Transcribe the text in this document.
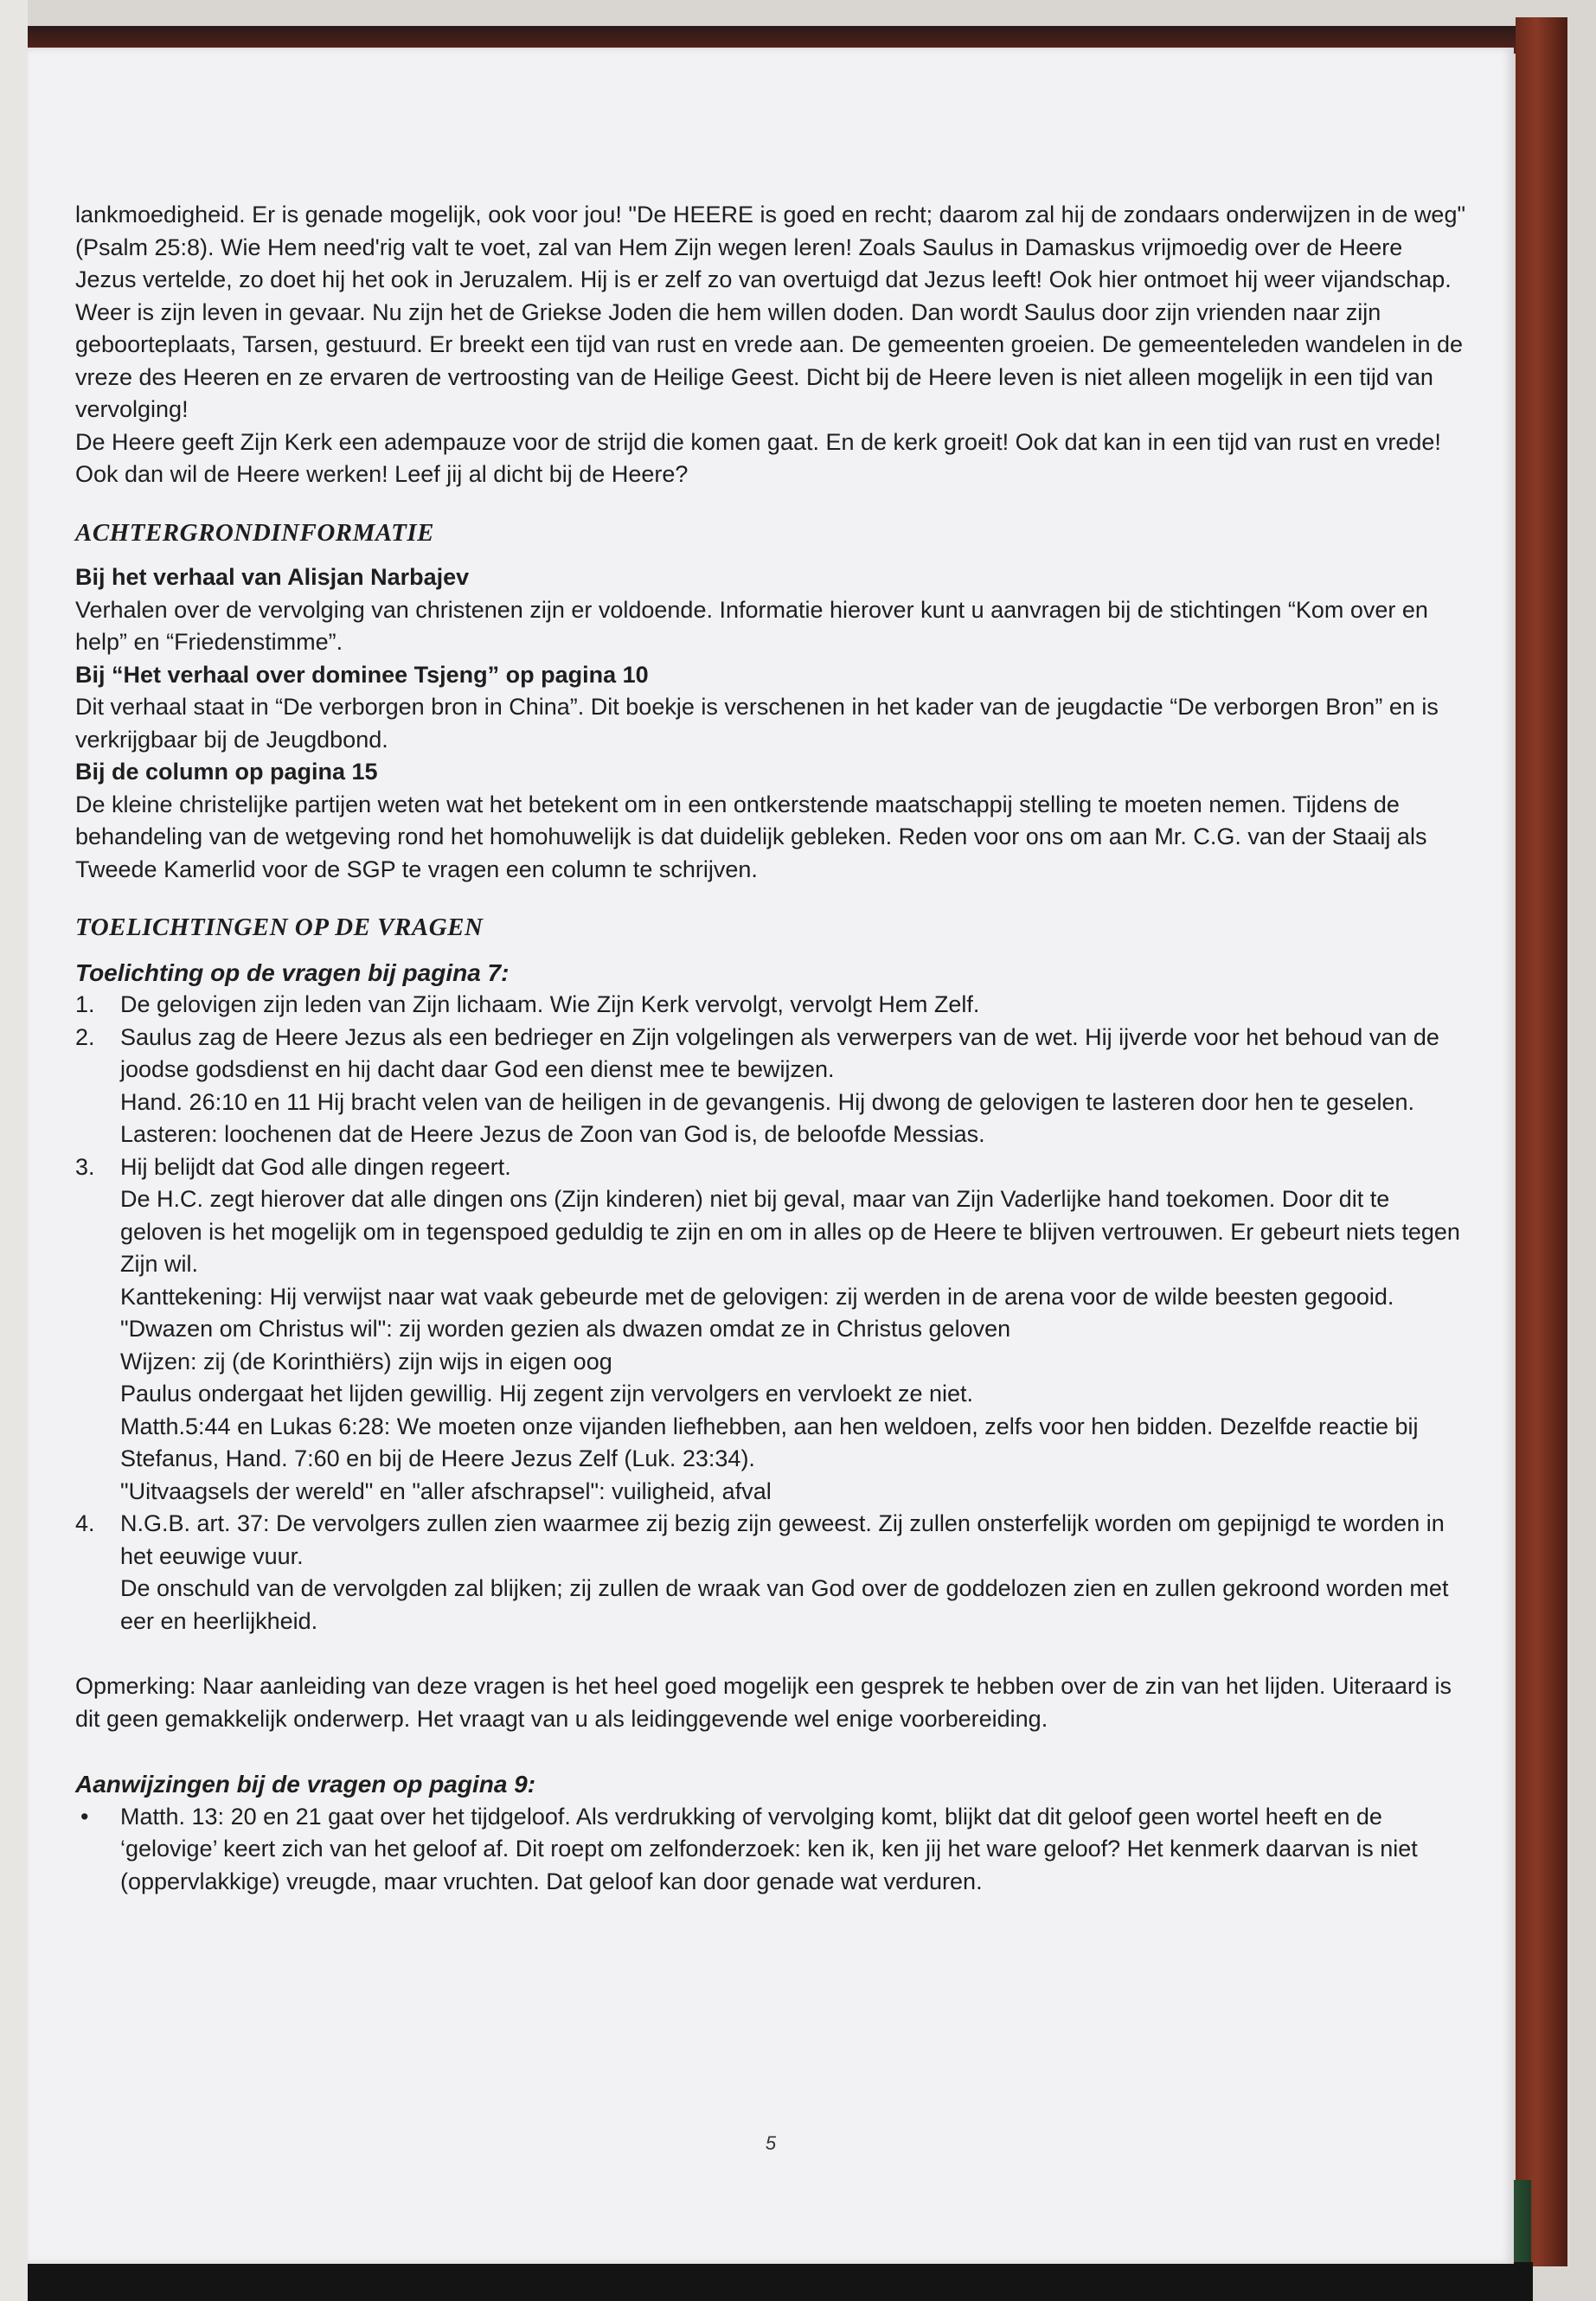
lankmoedigheid. Er is genade mogelijk, ook voor jou! "De HEERE is goed en recht; daarom zal hij de zondaars onderwijzen in de weg" (Psalm 25:8). Wie Hem need'rig valt te voet, zal van Hem Zijn wegen leren! Zoals Saulus in Damaskus vrijmoedig over de Heere Jezus vertelde, zo doet hij het ook in Jeruzalem. Hij is er zelf zo van overtuigd dat Jezus leeft! Ook hier ontmoet hij weer vijandschap. Weer is zijn leven in gevaar. Nu zijn het de Griekse Joden die hem willen doden. Dan wordt Saulus door zijn vrienden naar zijn geboorteplaats, Tarsen, gestuurd. Er breekt een tijd van rust en vrede aan. De gemeenten groeien. De gemeenteleden wandelen in de vreze des Heeren en ze ervaren de vertroosting van de Heilige Geest. Dicht bij de Heere leven is niet alleen mogelijk in een tijd van vervolging!

De Heere geeft Zijn Kerk een adempauze voor de strijd die komen gaat. En de kerk groeit! Ook dat kan in een tijd van rust en vrede! Ook dan wil de Heere werken! Leef jij al dicht bij de Heere?

ACHTERGRONDINFORMATIE

Bij het verhaal van Alisjan Narbajev

Verhalen over de vervolging van christenen zijn er voldoende. Informatie hierover kunt u aanvragen bij de stichtingen “Kom over en help” en “Friedenstimme”.

Bij “Het verhaal over dominee Tsjeng” op pagina 10

Dit verhaal staat in “De verborgen bron in China”. Dit boekje is verschenen in het kader van de jeugdactie “De verborgen Bron” en is verkrijgbaar bij de Jeugdbond.

Bij de column op pagina 15

De kleine christelijke partijen weten wat het betekent om in een ontkerstende maatschappij stelling te moeten nemen. Tijdens de behandeling van de wetgeving rond het homohuwelijk is dat duidelijk gebleken. Reden voor ons om aan Mr. C.G. van der Staaij als Tweede Kamerlid voor de SGP te vragen een column te schrijven.

TOELICHTINGEN OP DE VRAGEN

Toelichting op de vragen bij pagina 7:

1. De gelovigen zijn leden van Zijn lichaam. Wie Zijn Kerk vervolgt, vervolgt Hem Zelf.

2. Saulus zag de Heere Jezus als een bedrieger en Zijn volgelingen als verwerpers van de wet. Hij ijverde voor het behoud van de joodse godsdienst en hij dacht daar God een dienst mee te bewijzen.

Hand. 26:10 en 11 Hij bracht velen van de heiligen in de gevangenis. Hij dwong de gelovigen te lasteren door hen te geselen.

Lasteren: loochenen dat de Heere Jezus de Zoon van God is, de beloofde Messias.

3. Hij belijdt dat God alle dingen regeert.

De H.C. zegt hierover dat alle dingen ons (Zijn kinderen) niet bij geval, maar van Zijn Vaderlijke hand toekomen. Door dit te geloven is het mogelijk om in tegenspoed geduldig te zijn en om in alles op de Heere te blijven vertrouwen. Er gebeurt niets tegen Zijn wil.

Kanttekening: Hij verwijst naar wat vaak gebeurde met de gelovigen: zij werden in de arena voor de wilde beesten gegooid.

"Dwazen om Christus wil": zij worden gezien als dwazen omdat ze in Christus geloven

Wijzen: zij (de Korinthiërs) zijn wijs in eigen oog

Paulus ondergaat het lijden gewillig. Hij zegent zijn vervolgers en vervloekt ze niet.

Matth.5:44 en Lukas 6:28: We moeten onze vijanden liefhebben, aan hen weldoen, zelfs voor hen bidden. Dezelfde reactie bij Stefanus, Hand. 7:60 en bij de Heere Jezus Zelf (Luk. 23:34).

"Uitvaagsels der wereld" en "aller afschrapsel": vuiligheid, afval

4. N.G.B. art. 37: De vervolgers zullen zien waarmee zij bezig zijn geweest. Zij zullen onsterfelijk worden om gepijnigd te worden in het eeuwige vuur.

De onschuld van de vervolgden zal blijken; zij zullen de wraak van God over de goddelozen zien en zullen gekroond worden met eer en heerlijkheid.

Opmerking: Naar aanleiding van deze vragen is het heel goed mogelijk een gesprek te hebben over de zin van het lijden. Uiteraard is dit geen gemakkelijk onderwerp. Het vraagt van u als leidinggevende wel enige voorbereiding.

Aanwijzingen bij de vragen op pagina 9:

• Matth. 13: 20 en 21 gaat over het tijdgeloof. Als verdrukking of vervolging komt, blijkt dat dit geloof geen wortel heeft en de ‘gelovige’ keert zich van het geloof af. Dit roept om zelfonderzoek: ken ik, ken jij het ware geloof? Het kenmerk daarvan is niet (oppervlakkige) vreugde, maar vruchten. Dat geloof kan door genade wat verduren.

5
